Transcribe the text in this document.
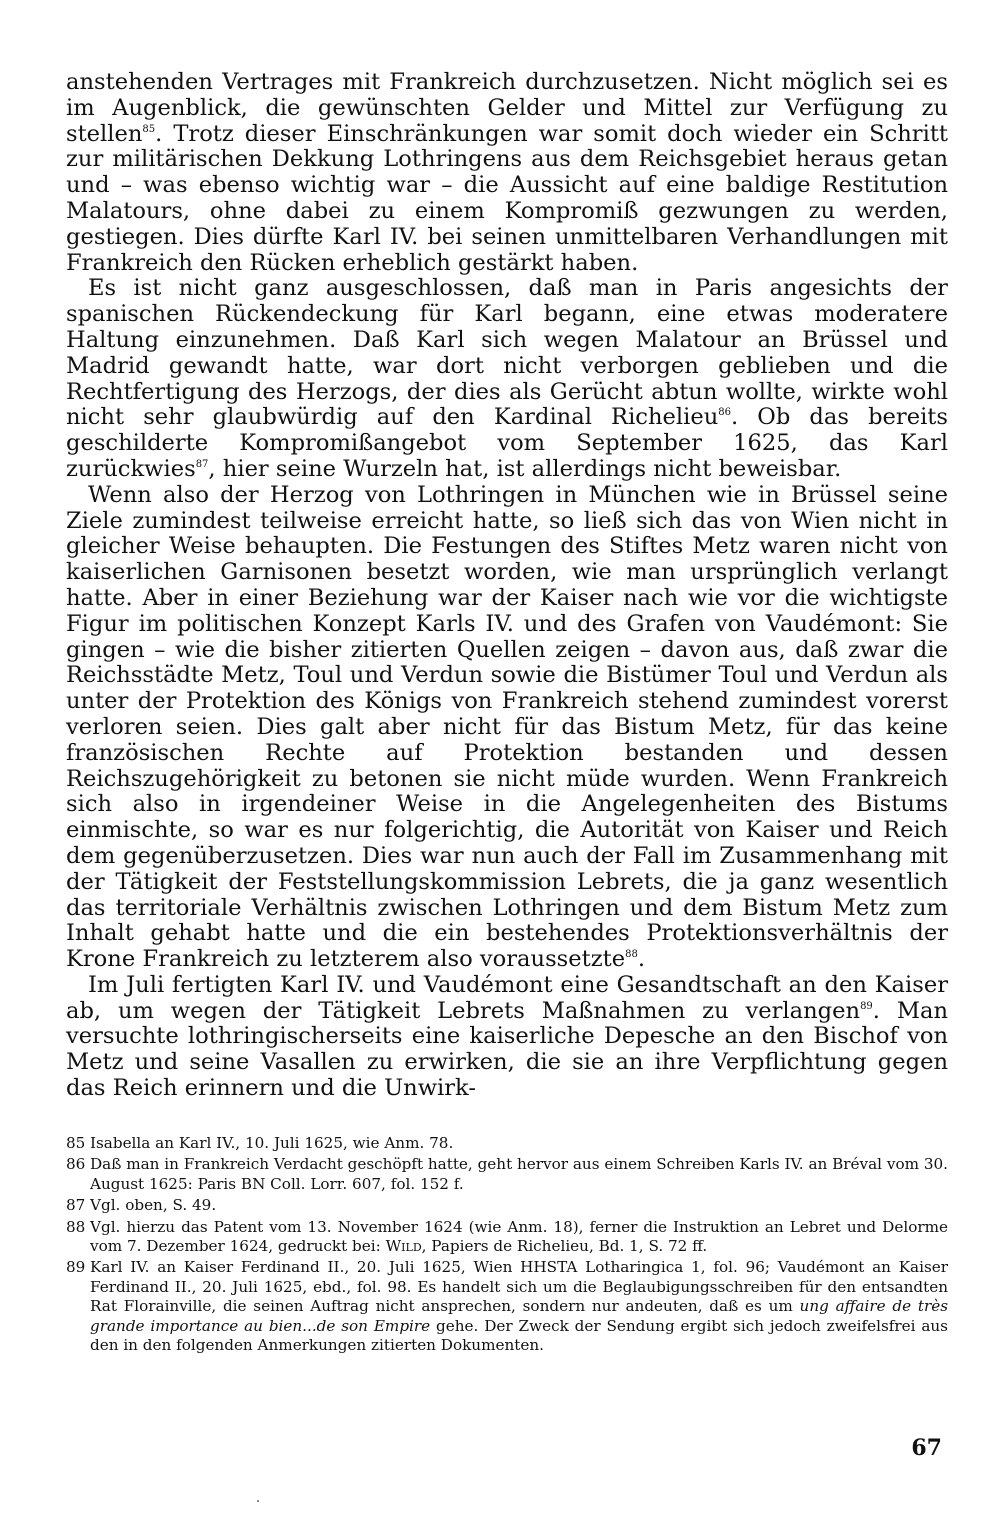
anstehenden Vertrages mit Frankreich durchzusetzen. Nicht möglich sei es im Augenblick, die gewünschten Gelder und Mittel zur Verfügung zu stellen$^{85}$. Trotz dieser Einschränkungen war somit doch wieder ein Schritt zur militärischen Dekkung Lothringens aus dem Reichsgebiet heraus getan und – was ebenso wichtig war – die Aussicht auf eine baldige Restitution Malatours, ohne dabei zu einem Kompromiß gezwungen zu werden, gestiegen. Dies dürfte Karl IV. bei seinen unmittelbaren Verhandlungen mit Frankreich den Rücken erheblich gestärkt haben.

Es ist nicht ganz ausgeschlossen, daß man in Paris angesichts der spanischen Rückendeckung für Karl begann, eine etwas moderatere Haltung einzunehmen. Daß Karl sich wegen Malatour an Brüssel und Madrid gewandt hatte, war dort nicht verborgen geblieben und die Rechtfertigung des Herzogs, der dies als Gerücht abtun wollte, wirkte wohl nicht sehr glaubwürdig auf den Kardinal Richelieu$^{86}$. Ob das bereits geschilderte Kompromißangebot vom September 1625, das Karl zurückwies$^{87}$, hier seine Wurzeln hat, ist allerdings nicht beweisbar.

Wenn also der Herzog von Lothringen in München wie in Brüssel seine Ziele zumindest teilweise erreicht hatte, so ließ sich das von Wien nicht in gleicher Weise behaupten. Die Festungen des Stiftes Metz waren nicht von kaiserlichen Garnisonen besetzt worden, wie man ursprünglich verlangt hatte. Aber in einer Beziehung war der Kaiser nach wie vor die wichtigste Figur im politischen Konzept Karls IV. und des Grafen von Vaudémont: Sie gingen – wie die bisher zitierten Quellen zeigen – davon aus, daß zwar die Reichsstädte Metz, Toul und Verdun sowie die Bistümer Toul und Verdun als unter der Protektion des Königs von Frankreich stehend zumindest vorerst verloren seien. Dies galt aber nicht für das Bistum Metz, für das keine französischen Rechte auf Protektion bestanden und dessen Reichszugehörigkeit zu betonen sie nicht müde wurden. Wenn Frankreich sich also in irgendeiner Weise in die Angelegenheiten des Bistums einmischte, so war es nur folgerichtig, die Autorität von Kaiser und Reich dem gegenüberzusetzen. Dies war nun auch der Fall im Zusammenhang mit der Tätigkeit der Feststellungskommission Lebrets, die ja ganz wesentlich das territoriale Verhältnis zwischen Lothringen und dem Bistum Metz zum Inhalt gehabt hatte und die ein bestehendes Protektionsverhältnis der Krone Frankreich zu letzterem also voraussetzte$^{88}$.

Im Juli fertigten Karl IV. und Vaudémont eine Gesandtschaft an den Kaiser ab, um wegen der Tätigkeit Lebrets Maßnahmen zu verlangen$^{89}$. Man versuchte lothringischerseits eine kaiserliche Depesche an den Bischof von Metz und seine Vasallen zu erwirken, die sie an ihre Verpflichtung gegen das Reich erinnern und die Unwirk-

85 Isabella an Karl IV., 10. Juli 1625, wie Anm. 78.
86 Daß man in Frankreich Verdacht geschöpft hatte, geht hervor aus einem Schreiben Karls IV. an Bréval vom 30. August 1625: Paris BN Coll. Lorr. 607, fol. 152 f.
87 Vgl. oben, S. 49.
88 Vgl. hierzu das Patent vom 13. November 1624 (wie Anm. 18), ferner die Instruktion an Lebret und Delorme vom 7. Dezember 1624, gedruckt bei: Wild, Papiers de Richelieu, Bd. 1, S. 72 ff.
89 Karl IV. an Kaiser Ferdinand II., 20. Juli 1625, Wien HHSTA Lotharingica 1, fol. 96; Vaudémont an Kaiser Ferdinand II., 20. Juli 1625, ebd., fol. 98. Es handelt sich um die Beglaubigungsschreiben für den entsandten Rat Florainville, die seinen Auftrag nicht ansprechen, sondern nur andeuten, daß es um ung affaire de très grande importance au bien...de son Empire gehe. Der Zweck der Sendung ergibt sich jedoch zweifelsfrei aus den in den folgenden Anmerkungen zitierten Dokumenten.
67
